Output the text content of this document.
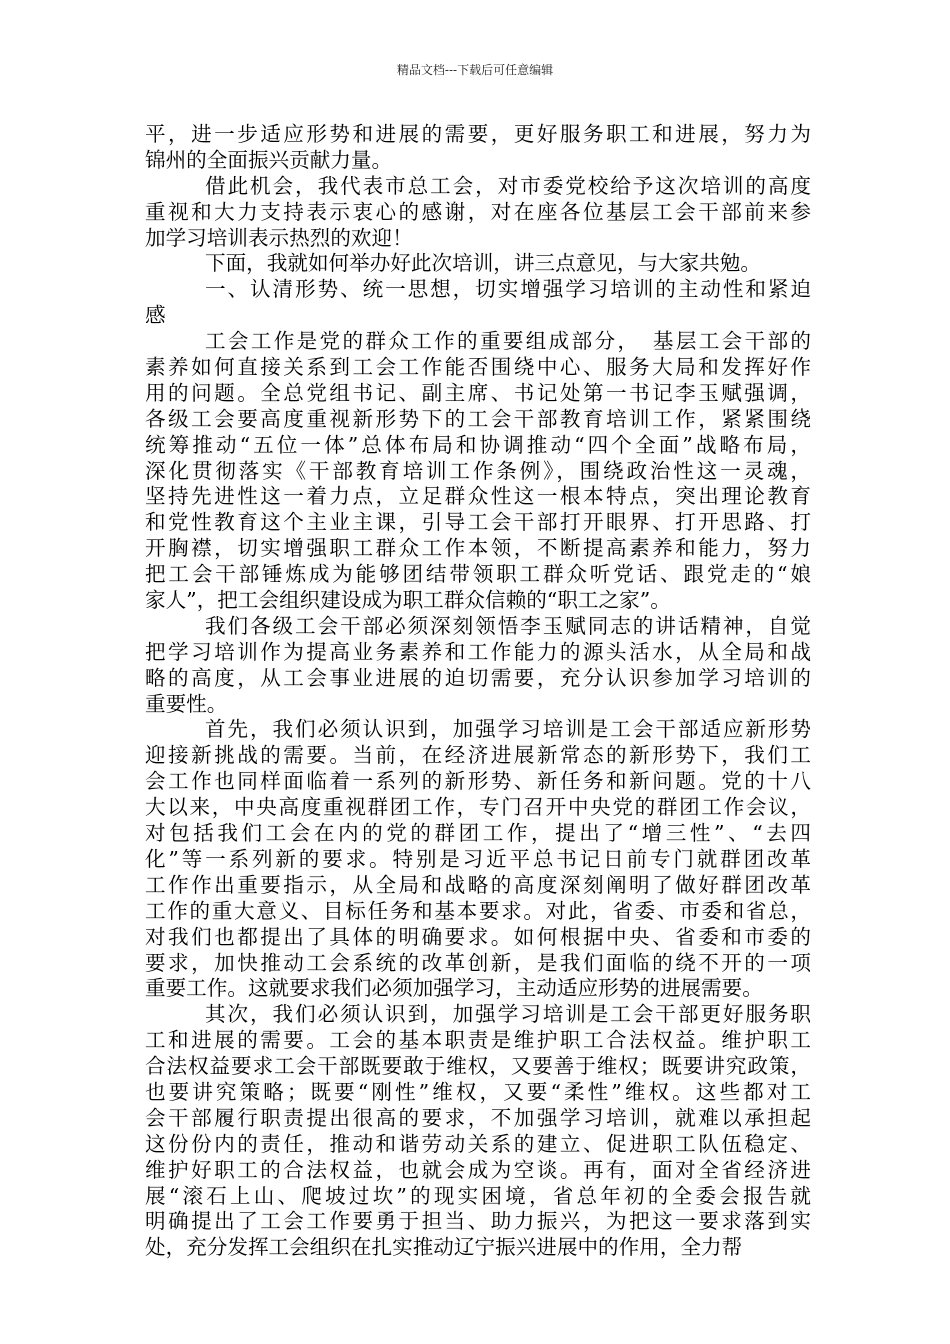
精品文档---下载后可任意编辑
平，进一步适应形势和进展的需要，更好服务职工和进展，努力为
锦州的全面振兴贡献力量。
借此机会，我代表市总工会，对市委党校给予这次培训的高度
重视和大力支持表示衷心的感谢，对在座各位基层工会干部前来参
加学习培训表示热烈的欢迎！
下面，我就如何举办好此次培训，讲三点意见，与大家共勉。
一、认清形势、统一思想，切实增强学习培训的主动性和紧迫
感
工会工作是党的群众工作的重要组成部分，　基层工会干部的
素养如何直接关系到工会工作能否围绕中心、服务大局和发挥好作
用的问题。全总党组书记、副主席、书记处第一书记李玉赋强调，
各级工会要高度重视新形势下的工会干部教育培训工作，紧紧围绕
统筹推动“五位一体”总体布局和协调推动“四个全面”战略布局，
深化贯彻落实《干部教育培训工作条例》，围绕政治性这一灵魂，
坚持先进性这一着力点，立足群众性这一根本特点，突出理论教育
和党性教育这个主业主课，引导工会干部打开眼界、打开思路、打
开胸襟，切实增强职工群众工作本领，不断提高素养和能力，努力
把工会干部锤炼成为能够团结带领职工群众听党话、跟党走的“娘
家人”，把工会组织建设成为职工群众信赖的“职工之家”。
我们各级工会干部必须深刻领悟李玉赋同志的讲话精神，自觉
把学习培训作为提高业务素养和工作能力的源头活水，从全局和战
略的高度，从工会事业进展的迫切需要，充分认识参加学习培训的
重要性。
首先，我们必须认识到，加强学习培训是工会干部适应新形势
迎接新挑战的需要。当前，在经济进展新常态的新形势下，我们工
会工作也同样面临着一系列的新形势、新任务和新问题。党的十八
大以来，中央高度重视群团工作，专门召开中央党的群团工作会议，
对包括我们工会在内的党的群团工作，提出了“增三性”、“去四
化”等一系列新的要求。特别是习近平总书记日前专门就群团改革
工作作出重要指示，从全局和战略的高度深刻阐明了做好群团改革
工作的重大意义、目标任务和基本要求。对此，省委、市委和省总，
对我们也都提出了具体的明确要求。如何根据中央、省委和市委的
要求，加快推动工会系统的改革创新，是我们面临的绕不开的一项
重要工作。这就要求我们必须加强学习，主动适应形势的进展需要。
其次，我们必须认识到，加强学习培训是工会干部更好服务职
工和进展的需要。工会的基本职责是维护职工合法权益。维护职工
合法权益要求工会干部既要敢于维权，又要善于维权；既要讲究政策，
也要讲究策略；既要“刚性”维权，又要“柔性”维权。这些都对工
会干部履行职责提出很高的要求，不加强学习培训，就难以承担起
这份份内的责任，推动和谐劳动关系的建立、促进职工队伍稳定、
维护好职工的合法权益，也就会成为空谈。再有，面对全省经济进
展“滚石上山、爬坡过坎”的现实困境，省总年初的全委会报告就
明确提出了工会工作要勇于担当、助力振兴，为把这一要求落到实
处，充分发挥工会组织在扎实推动辽宁振兴进展中的作用，全力帮
